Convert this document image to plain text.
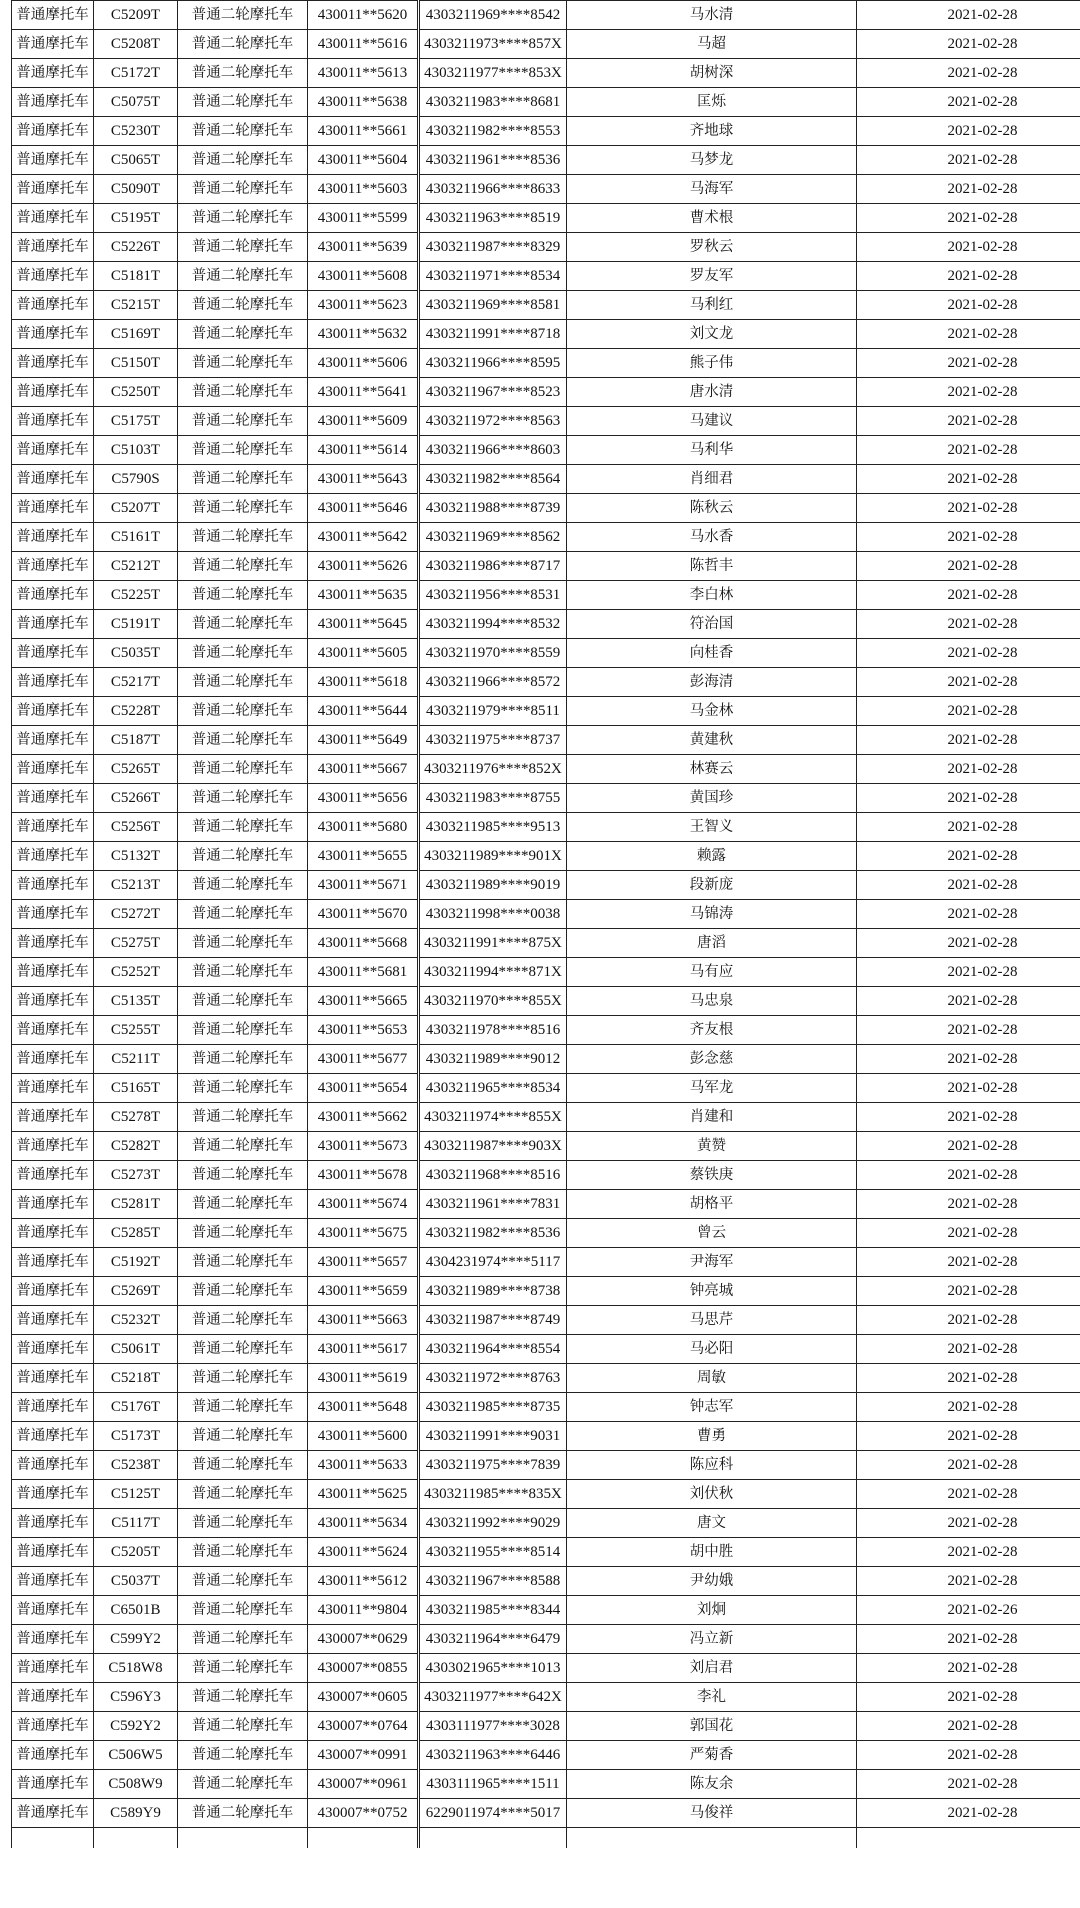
普通摩托车	C5209T	普通二轮摩托车	430011**5620	4303211969****8542	马水清	2021-02-28
普通摩托车	C5208T	普通二轮摩托车	430011**5616	4303211973****857X	马超	2021-02-28
普通摩托车	C5172T	普通二轮摩托车	430011**5613	4303211977****853X	胡树深	2021-02-28
普通摩托车	C5075T	普通二轮摩托车	430011**5638	4303211983****8681	匡烁	2021-02-28
普通摩托车	C5230T	普通二轮摩托车	430011**5661	4303211982****8553	齐地球	2021-02-28
普通摩托车	C5065T	普通二轮摩托车	430011**5604	4303211961****8536	马梦龙	2021-02-28
普通摩托车	C5090T	普通二轮摩托车	430011**5603	4303211966****8633	马海军	2021-02-28
普通摩托车	C5195T	普通二轮摩托车	430011**5599	4303211963****8519	曹术根	2021-02-28
普通摩托车	C5226T	普通二轮摩托车	430011**5639	4303211987****8329	罗秋云	2021-02-28
普通摩托车	C5181T	普通二轮摩托车	430011**5608	4303211971****8534	罗友军	2021-02-28
普通摩托车	C5215T	普通二轮摩托车	430011**5623	4303211969****8581	马利红	2021-02-28
普通摩托车	C5169T	普通二轮摩托车	430011**5632	4303211991****8718	刘文龙	2021-02-28
普通摩托车	C5150T	普通二轮摩托车	430011**5606	4303211966****8595	熊子伟	2021-02-28
普通摩托车	C5250T	普通二轮摩托车	430011**5641	4303211967****8523	唐水清	2021-02-28
普通摩托车	C5175T	普通二轮摩托车	430011**5609	4303211972****8563	马建议	2021-02-28
普通摩托车	C5103T	普通二轮摩托车	430011**5614	4303211966****8603	马利华	2021-02-28
普通摩托车	C5790S	普通二轮摩托车	430011**5643	4303211982****8564	肖细君	2021-02-28
普通摩托车	C5207T	普通二轮摩托车	430011**5646	4303211988****8739	陈秋云	2021-02-28
普通摩托车	C5161T	普通二轮摩托车	430011**5642	4303211969****8562	马水香	2021-02-28
普通摩托车	C5212T	普通二轮摩托车	430011**5626	4303211986****8717	陈哲丰	2021-02-28
普通摩托车	C5225T	普通二轮摩托车	430011**5635	4303211956****8531	李白林	2021-02-28
普通摩托车	C5191T	普通二轮摩托车	430011**5645	4303211994****8532	符治国	2021-02-28
普通摩托车	C5035T	普通二轮摩托车	430011**5605	4303211970****8559	向桂香	2021-02-28
普通摩托车	C5217T	普通二轮摩托车	430011**5618	4303211966****8572	彭海清	2021-02-28
普通摩托车	C5228T	普通二轮摩托车	430011**5644	4303211979****8511	马金林	2021-02-28
普通摩托车	C5187T	普通二轮摩托车	430011**5649	4303211975****8737	黄建秋	2021-02-28
普通摩托车	C5265T	普通二轮摩托车	430011**5667	4303211976****852X	林赛云	2021-02-28
普通摩托车	C5266T	普通二轮摩托车	430011**5656	4303211983****8755	黄国珍	2021-02-28
普通摩托车	C5256T	普通二轮摩托车	430011**5680	4303211985****9513	王智义	2021-02-28
普通摩托车	C5132T	普通二轮摩托车	430011**5655	4303211989****901X	赖露	2021-02-28
普通摩托车	C5213T	普通二轮摩托车	430011**5671	4303211989****9019	段新庞	2021-02-28
普通摩托车	C5272T	普通二轮摩托车	430011**5670	4303211998****0038	马锦涛	2021-02-28
普通摩托车	C5275T	普通二轮摩托车	430011**5668	4303211991****875X	唐滔	2021-02-28
普通摩托车	C5252T	普通二轮摩托车	430011**5681	4303211994****871X	马有应	2021-02-28
普通摩托车	C5135T	普通二轮摩托车	430011**5665	4303211970****855X	马忠泉	2021-02-28
普通摩托车	C5255T	普通二轮摩托车	430011**5653	4303211978****8516	齐友根	2021-02-28
普通摩托车	C5211T	普通二轮摩托车	430011**5677	4303211989****9012	彭念慈	2021-02-28
普通摩托车	C5165T	普通二轮摩托车	430011**5654	4303211965****8534	马军龙	2021-02-28
普通摩托车	C5278T	普通二轮摩托车	430011**5662	4303211974****855X	肖建和	2021-02-28
普通摩托车	C5282T	普通二轮摩托车	430011**5673	4303211987****903X	黄赞	2021-02-28
普通摩托车	C5273T	普通二轮摩托车	430011**5678	4303211968****8516	蔡铁庚	2021-02-28
普通摩托车	C5281T	普通二轮摩托车	430011**5674	4303211961****7831	胡格平	2021-02-28
普通摩托车	C5285T	普通二轮摩托车	430011**5675	4303211982****8536	曾云	2021-02-28
普通摩托车	C5192T	普通二轮摩托车	430011**5657	4304231974****5117	尹海军	2021-02-28
普通摩托车	C5269T	普通二轮摩托车	430011**5659	4303211989****8738	钟亮城	2021-02-28
普通摩托车	C5232T	普通二轮摩托车	430011**5663	4303211987****8749	马思芹	2021-02-28
普通摩托车	C5061T	普通二轮摩托车	430011**5617	4303211964****8554	马必阳	2021-02-28
普通摩托车	C5218T	普通二轮摩托车	430011**5619	4303211972****8763	周敏	2021-02-28
普通摩托车	C5176T	普通二轮摩托车	430011**5648	4303211985****8735	钟志军	2021-02-28
普通摩托车	C5173T	普通二轮摩托车	430011**5600	4303211991****9031	曹勇	2021-02-28
普通摩托车	C5238T	普通二轮摩托车	430011**5633	4303211975****7839	陈应科	2021-02-28
普通摩托车	C5125T	普通二轮摩托车	430011**5625	4303211985****835X	刘伏秋	2021-02-28
普通摩托车	C5117T	普通二轮摩托车	430011**5634	4303211992****9029	唐文	2021-02-28
普通摩托车	C5205T	普通二轮摩托车	430011**5624	4303211955****8514	胡中胜	2021-02-28
普通摩托车	C5037T	普通二轮摩托车	430011**5612	4303211967****8588	尹幼娥	2021-02-28
普通摩托车	C6501B	普通二轮摩托车	430011**9804	4303211985****8344	刘炯	2021-02-26
普通摩托车	C599Y2	普通二轮摩托车	430007**0629	4303211964****6479	冯立新	2021-02-28
普通摩托车	C518W8	普通二轮摩托车	430007**0855	4303021965****1013	刘启君	2021-02-28
普通摩托车	C596Y3	普通二轮摩托车	430007**0605	4303211977****642X	李礼	2021-02-28
普通摩托车	C592Y2	普通二轮摩托车	430007**0764	4303111977****3028	郭国花	2021-02-28
普通摩托车	C506W5	普通二轮摩托车	430007**0991	4303211963****6446	严菊香	2021-02-28
普通摩托车	C508W9	普通二轮摩托车	430007**0961	4303111965****1511	陈友余	2021-02-28
普通摩托车	C589Y9	普通二轮摩托车	430007**0752	6229011974****5017	马俊祥	2021-02-28
